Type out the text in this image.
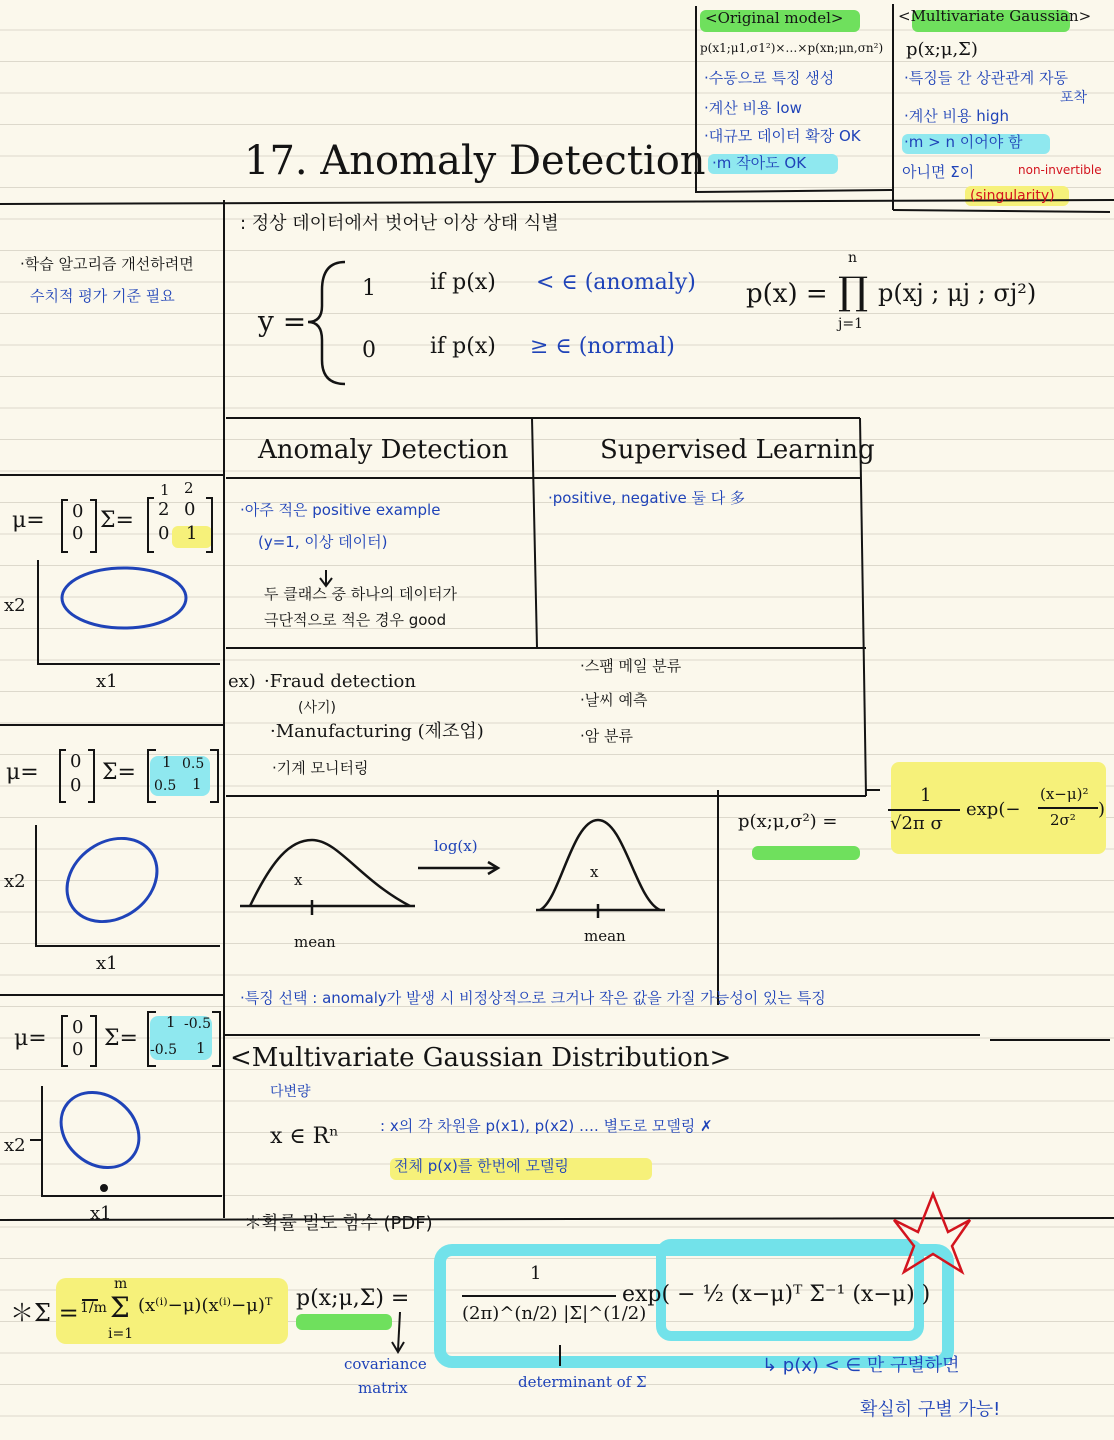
<Original model>
p(x1;μ1,σ1²)×…×p(xn;μn,σn²)
·수동으로 특징 생성
·계산 비용 low
·대규모 데이터 확장 OK
·m 작아도 OK
<Multivariate Gaussian>
p(x;μ,Σ)
·특징들 간 상관관계 자동
포착
·계산 비용 high
·m > n 이어야 함
아니면 Σ이	non-invertible
(singularity)
17. Anomaly Detection
·학습 알고리즘 개선하려면
수치적 평가 기준 필요
: 정상 데이터에서 벗어난 이상 상태 식별
y =
1 if p(x) < ∈ (anomaly)
0 if p(x) ≥ ∈ (normal)
p(x) = ∏
n
j=1
p(xj ; μj ; σj²)
Anomaly Detection	Supervised Learning
·아주 적은 positive example
(y=1, 이상 데이터)
두 클래스 중 하나의 데이터가
극단적으로 적은 경우 good
·positive, negative 둘 다 多
ex) ·Fraud detection
(사기)
·Manufacturing (제조업)
·기계 모니터링
·스팸 메일 분류
·날씨 예측
·암 분류
p(x;μ,σ²) =
1
√2π σ
exp(−
(x−μ)²
2σ² )
x
mean
x
mean
log(x)
·특징 선택 : anomaly가 발생 시 비정상적으로 크거나 작은 값을 가질 가능성이 있는 특징
<Multivariate Gaussian Distribution>
다변량
x ∈ Rⁿ	: x의 각 차원을 p(x1), p(x2) …. 별도로 모델링 ✗
전체 p(x)를 한번에 모델링
＊확률 밀도 함수 (PDF)
＊Σ = 1/m Σ
m
i=1
(x⁽ⁱ⁾−μ)(x⁽ⁱ⁾−μ)ᵀ p(x;μ,Σ) =
1
(2π)^(n/2) |Σ|^(1/2)
exp( − ½ (x−μ)ᵀ Σ⁻¹ (x−μ) )
covariance
matrix	determinant of Σ
↳ p(x) < ∈ 만 구별하면
확실히 구별 가능!
μ= 0
0
Σ=
1 2
2 0
0 1
x2
x1
μ= 0
0
Σ= 1 0.5
0.5 1
x2
x1
μ= 0
0 Σ=
1 -0.5
-0.5 1
x2
x1
